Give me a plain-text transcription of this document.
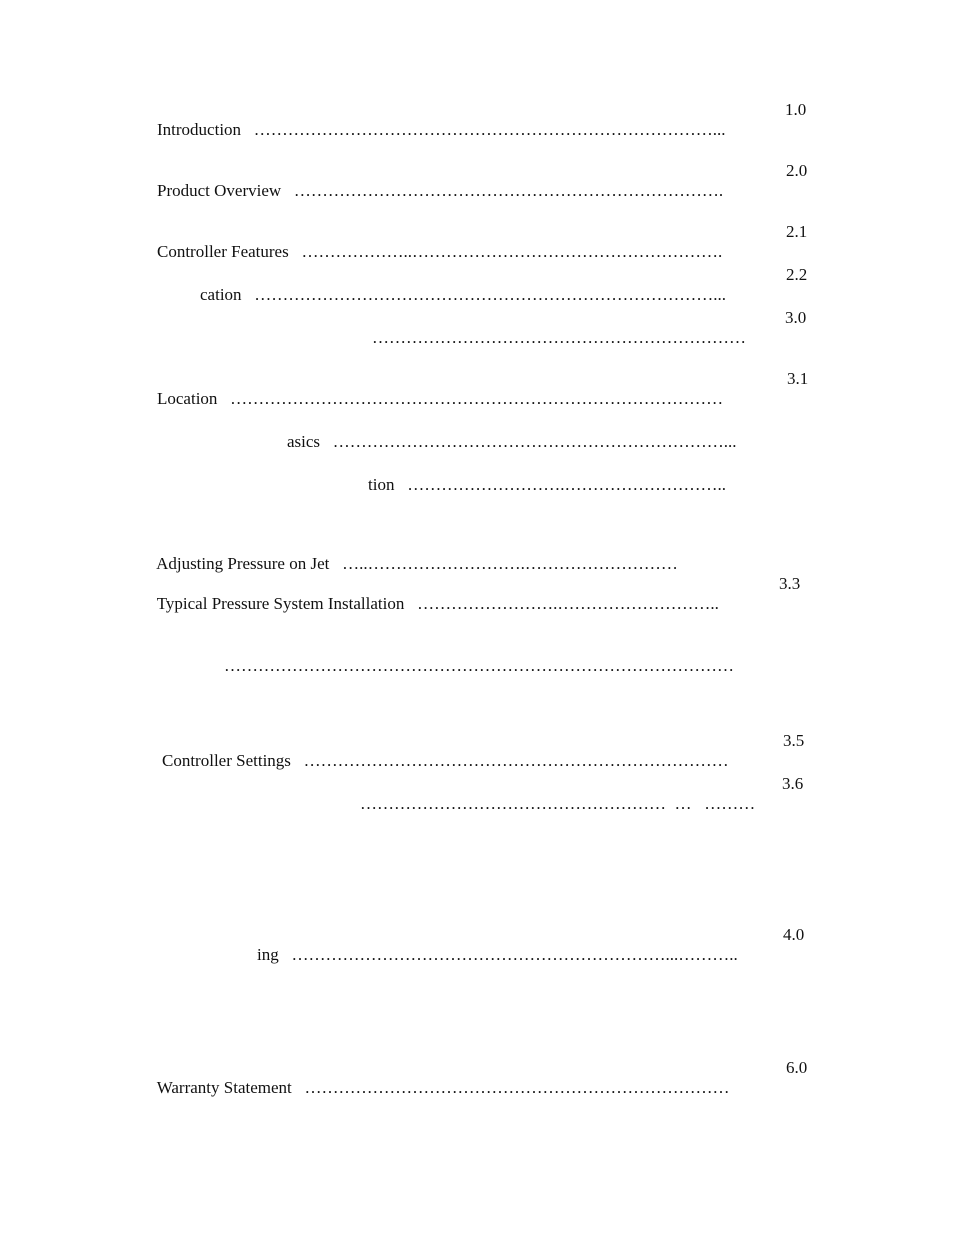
Introduction ………………………………………………………………………...

1.0

Product Overview ………………………………………………………………….

2.0

Controller Features ………………..……………………………………………….

2.1

cation ………………………………………………………………………...

2.2

…………………………………………………………

3.0

Location ……………………………………………………………………………

3.1

asics ……………………………………………………………...

tion ……………………….………………………..

Adjusting Pressure on Jet …..……………………….………………………

Typical Pressure System Installation …………………….………………………..

3.3

………………………………………………………………………………

Controller Settings …………………………………………………………………

3.5

………………………………………………  …   ………

3.6

ing …………………………………………………………...………..

4.0

Warranty Statement …………………………………………………………………

6.0
